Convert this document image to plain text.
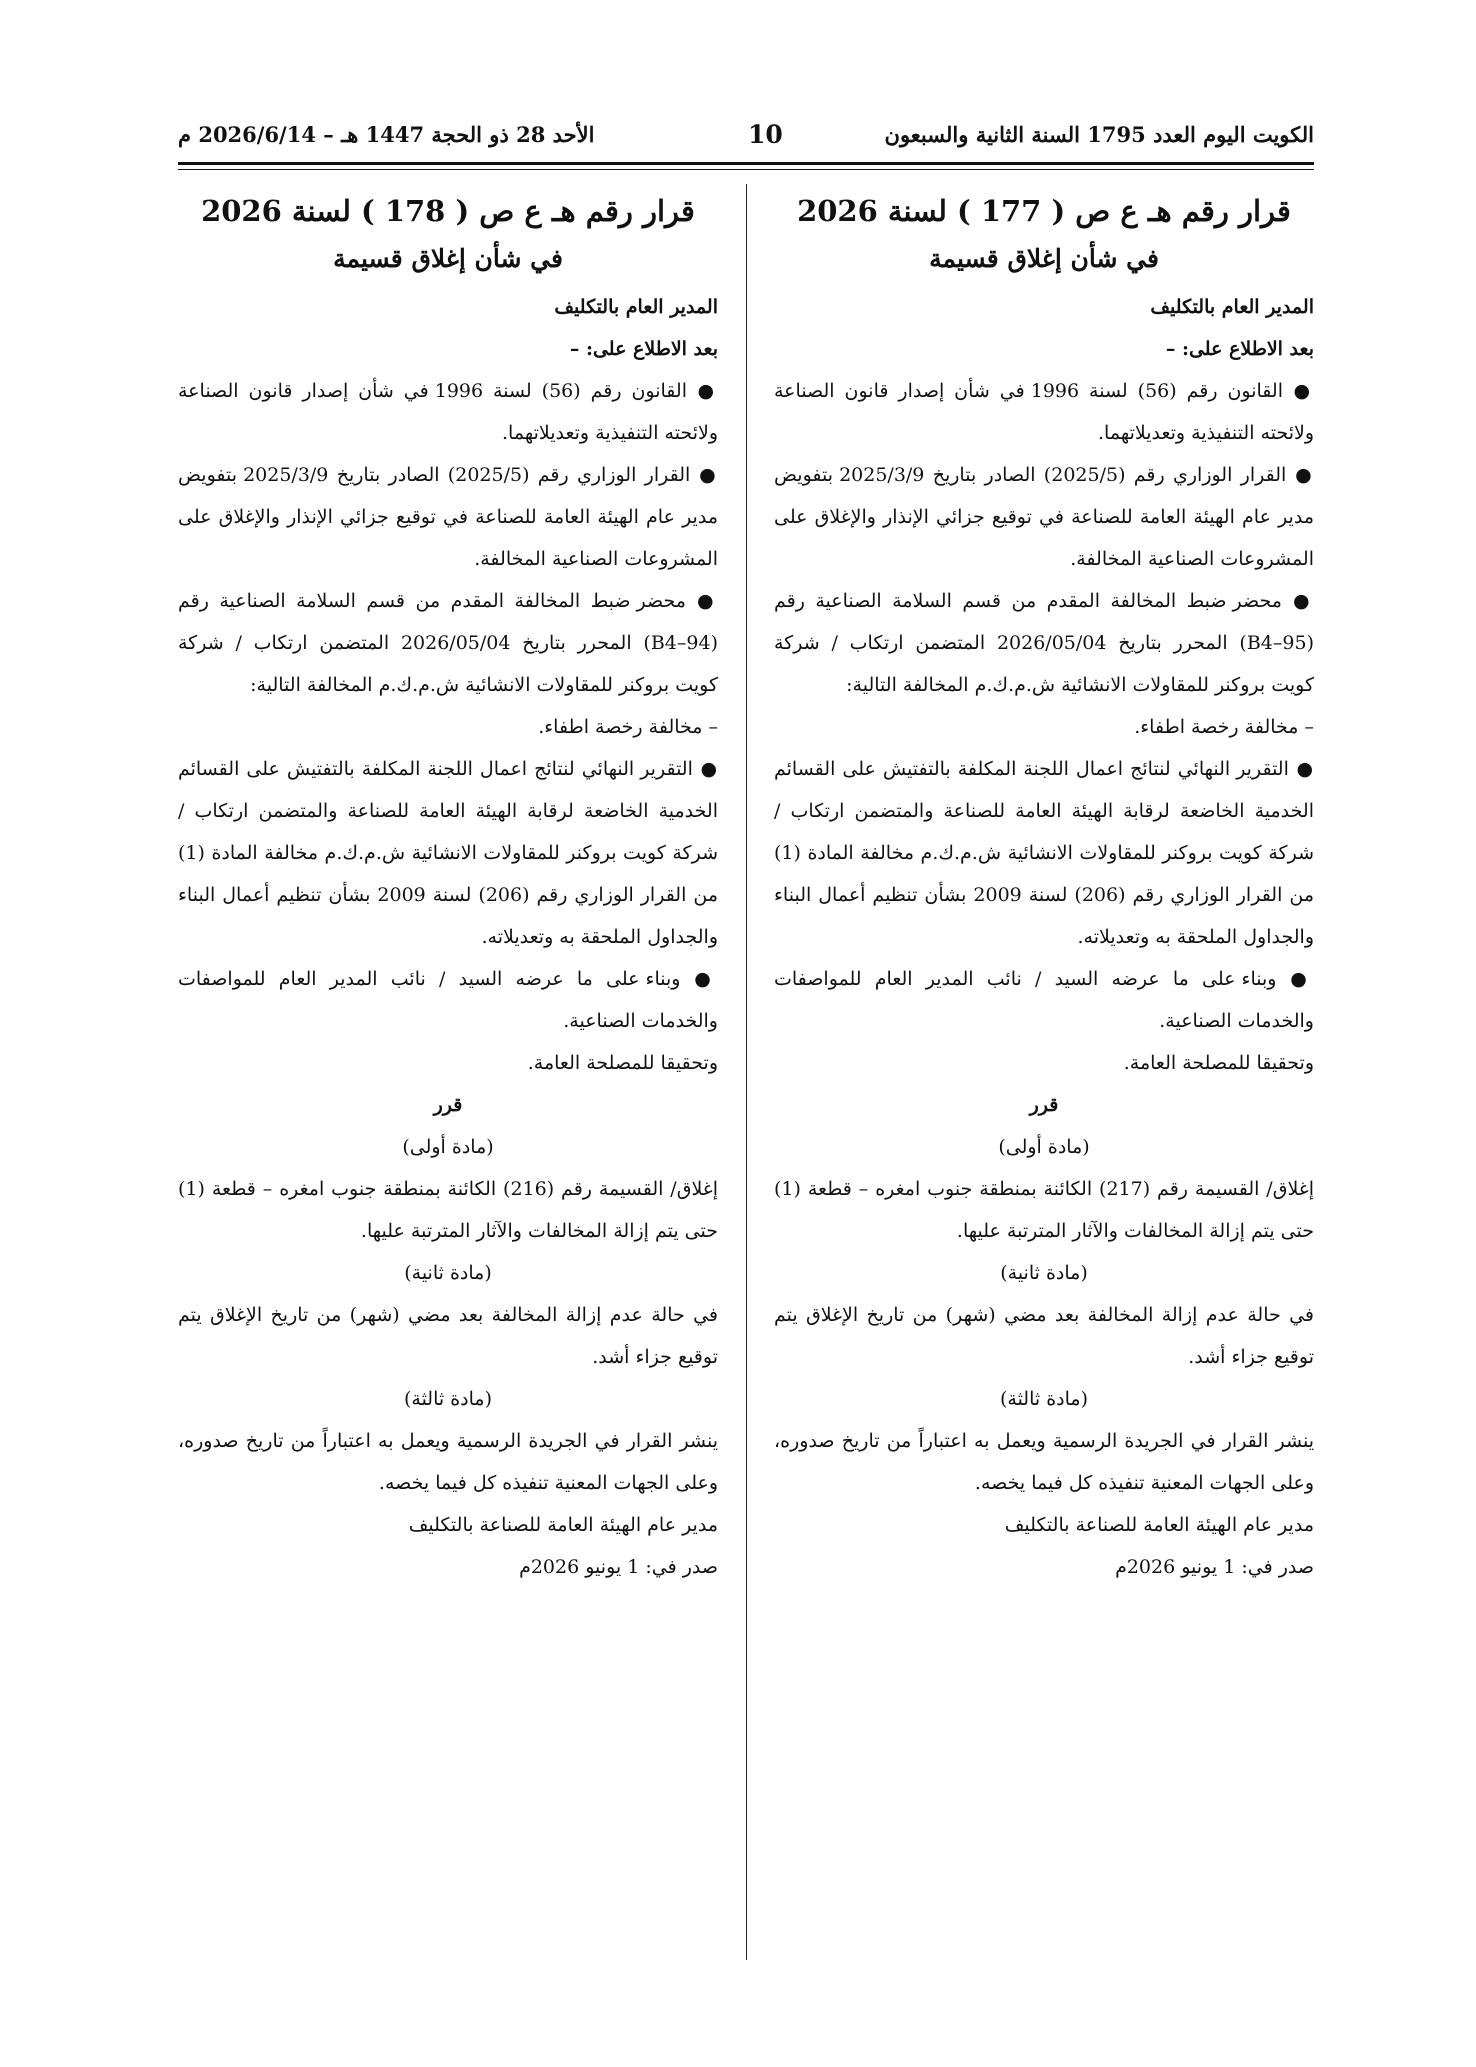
الكويت اليوم العدد 1795 السنة الثانية والسبعون
10
الأحد 28 ذو الحجة 1447 هـ – 2026/6/14 م

قرار رقم هـ ع ص ( 177 ) لسنة 2026

في شأن إغلاق قسيمة

المدير العام بالتكليف

بعد الاطلاع على: –

● القانون رقم (56) لسنة 1996 في شأن إصدار قانون الصناعة ولائحته التنفيذية وتعديلاتهما.

● القرار الوزاري رقم (2025/5) الصادر بتاريخ 2025/3/9 بتفويض مدير عام الهيئة العامة للصناعة في توقيع جزائي الإنذار والإغلاق على المشروعات الصناعية المخالفة.

● محضر ضبط المخالفة المقدم من قسم السلامة الصناعية رقم (B4–95) المحرر بتاريخ 2026/05/04 المتضمن ارتكاب / شركة كويت بروكنر للمقاولات الانشائية ش.م.ك.م المخالفة التالية:

– مخالفة رخصة اطفاء.

● التقرير النهائي لنتائج اعمال اللجنة المكلفة بالتفتيش على القسائم الخدمية الخاضعة لرقابة الهيئة العامة للصناعة والمتضمن ارتكاب / شركة كويت بروكنر للمقاولات الانشائية ش.م.ك.م مخالفة المادة (1) من القرار الوزاري رقم (206) لسنة 2009 بشأن تنظيم أعمال البناء والجداول الملحقة به وتعديلاته.

● وبناء على ما عرضه السيد / نائب المدير العام للمواصفات والخدمات الصناعية.

وتحقيقا للمصلحة العامة.

قرر

(مادة أولى)

إغلاق/ القسيمة رقم (217) الكائنة بمنطقة جنوب امغره – قطعة (1) حتى يتم إزالة المخالفات والآثار المترتبة عليها.

(مادة ثانية)

في حالة عدم إزالة المخالفة بعد مضي (شهر) من تاريخ الإغلاق يتم توقيع جزاء أشد.

(مادة ثالثة)

ينشر القرار في الجريدة الرسمية ويعمل به اعتباراً من تاريخ صدوره، وعلى الجهات المعنية تنفيذه كل فيما يخصه.

مدير عام الهيئة العامة للصناعة بالتكليف

صدر في: 1 يونيو 2026م

قرار رقم هـ ع ص ( 178 ) لسنة 2026

في شأن إغلاق قسيمة

المدير العام بالتكليف

بعد الاطلاع على: –

● القانون رقم (56) لسنة 1996 في شأن إصدار قانون الصناعة ولائحته التنفيذية وتعديلاتهما.

● القرار الوزاري رقم (2025/5) الصادر بتاريخ 2025/3/9 بتفويض مدير عام الهيئة العامة للصناعة في توقيع جزائي الإنذار والإغلاق على المشروعات الصناعية المخالفة.

● محضر ضبط المخالفة المقدم من قسم السلامة الصناعية رقم (B4–94) المحرر بتاريخ 2026/05/04 المتضمن ارتكاب / شركة كويت بروكنر للمقاولات الانشائية ش.م.ك.م المخالفة التالية:

– مخالفة رخصة اطفاء.

● التقرير النهائي لنتائج اعمال اللجنة المكلفة بالتفتيش على القسائم الخدمية الخاضعة لرقابة الهيئة العامة للصناعة والمتضمن ارتكاب / شركة كويت بروكنر للمقاولات الانشائية ش.م.ك.م مخالفة المادة (1) من القرار الوزاري رقم (206) لسنة 2009 بشأن تنظيم أعمال البناء والجداول الملحقة به وتعديلاته.

● وبناء على ما عرضه السيد / نائب المدير العام للمواصفات والخدمات الصناعية.

وتحقيقا للمصلحة العامة.

قرر

(مادة أولى)

إغلاق/ القسيمة رقم (216) الكائنة بمنطقة جنوب امغره – قطعة (1) حتى يتم إزالة المخالفات والآثار المترتبة عليها.

(مادة ثانية)

في حالة عدم إزالة المخالفة بعد مضي (شهر) من تاريخ الإغلاق يتم توقيع جزاء أشد.

(مادة ثالثة)

ينشر القرار في الجريدة الرسمية ويعمل به اعتباراً من تاريخ صدوره، وعلى الجهات المعنية تنفيذه كل فيما يخصه.

مدير عام الهيئة العامة للصناعة بالتكليف

صدر في: 1 يونيو 2026م
